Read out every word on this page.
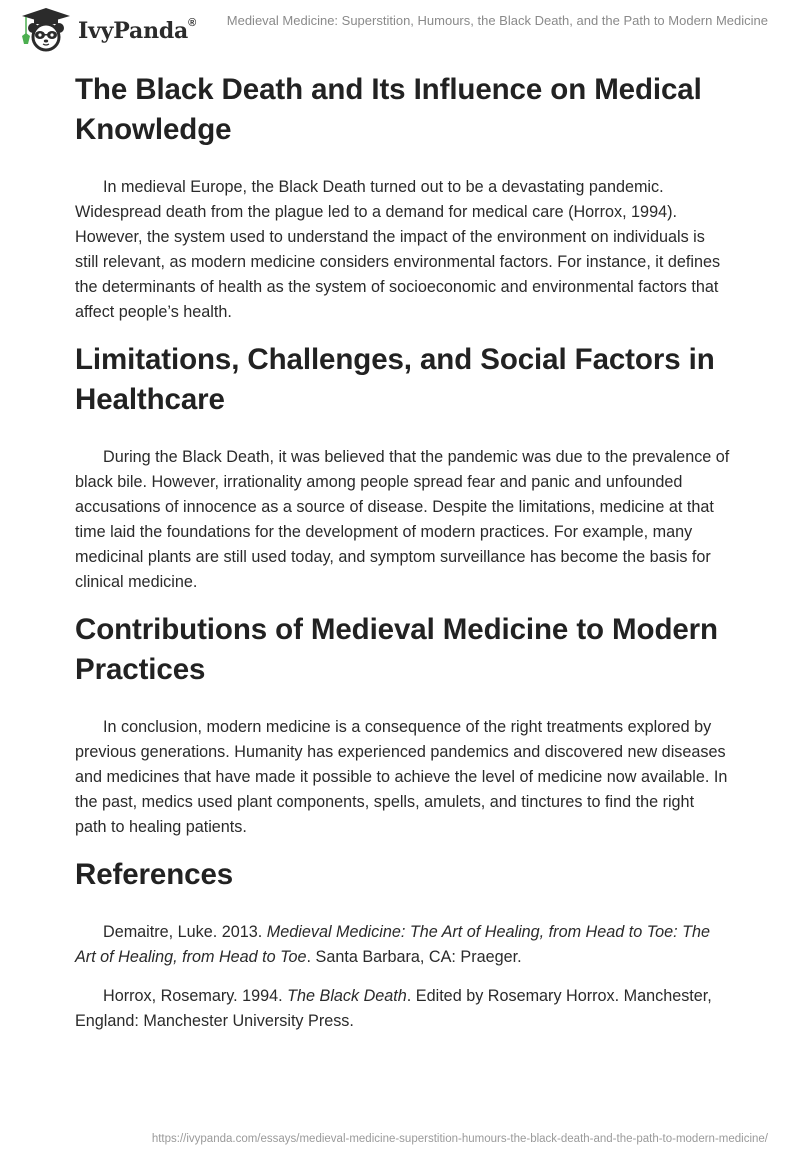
IvyPanda® Medieval Medicine: Superstition, Humours, the Black Death, and the Path to Modern Medicine
The Black Death and Its Influence on Medical Knowledge

In medieval Europe, the Black Death turned out to be a devastating pandemic. Widespread death from the plague led to a demand for medical care (Horrox, 1994). However, the system used to understand the impact of the environment on individuals is still relevant, as modern medicine considers environmental factors. For instance, it defines the determinants of health as the system of socioeconomic and environmental factors that affect people’s health.

Limitations, Challenges, and Social Factors in Healthcare

During the Black Death, it was believed that the pandemic was due to the prevalence of black bile. However, irrationality among people spread fear and panic and unfounded accusations of innocence as a source of disease. Despite the limitations, medicine at that time laid the foundations for the development of modern practices. For example, many medicinal plants are still used today, and symptom surveillance has become the basis for clinical medicine.

Contributions of Medieval Medicine to Modern Practices

In conclusion, modern medicine is a consequence of the right treatments explored by previous generations. Humanity has experienced pandemics and discovered new diseases and medicines that have made it possible to achieve the level of medicine now available. In the past, medics used plant components, spells, amulets, and tinctures to find the right path to healing patients.

References

Demaitre, Luke. 2013. Medieval Medicine: The Art of Healing, from Head to Toe: The Art of Healing, from Head to Toe. Santa Barbara, CA: Praeger.

Horrox, Rosemary. 1994. The Black Death. Edited by Rosemary Horrox. Manchester, England: Manchester University Press.

https://ivypanda.com/essays/medieval-medicine-superstition-humours-the-black-death-and-the-path-to-modern-medicine/
